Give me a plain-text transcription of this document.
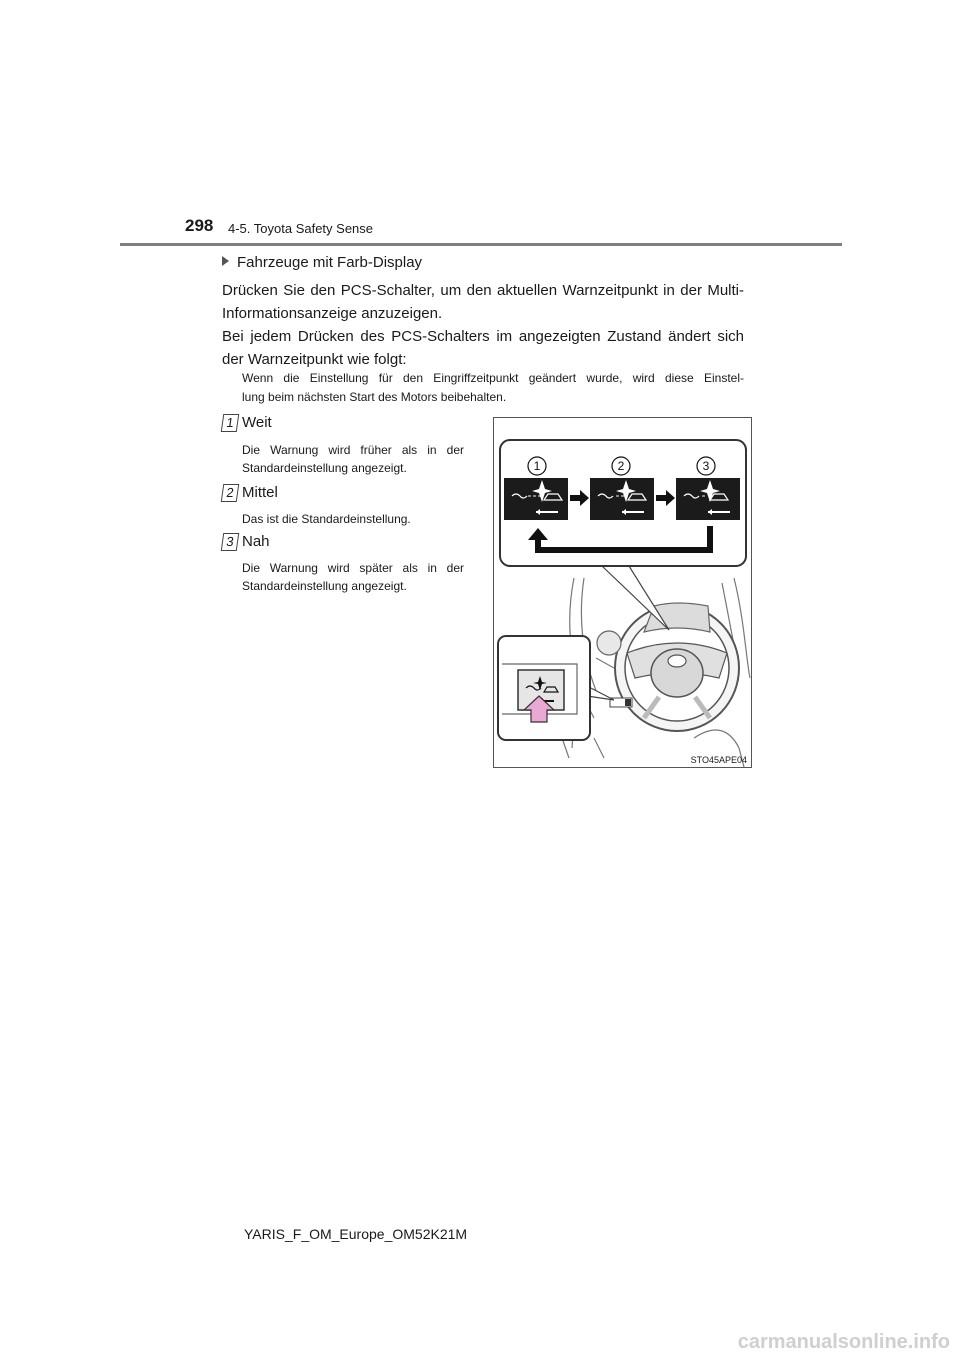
298 4-5. Toyota Safety Sense
Fahrzeuge mit Farb-Display
Drücken Sie den PCS-Schalter, um den aktuellen Warnzeitpunkt in der Multi-
Informationsanzeige anzuzeigen.
Bei jedem Drücken des PCS-Schalters im angezeigten Zustand ändert sich
der Warnzeitpunkt wie folgt:
Wenn die Einstellung für den Eingriffzeitpunkt geändert wurde, wird diese Einstel-
lung beim nächsten Start des Motors beibehalten.
1 Weit
Die Warnung wird früher als in der
Standardeinstellung angezeigt.
2 Mittel
Das ist die Standardeinstellung.
3 Nah
Die Warnung wird später als in der
Standardeinstellung angezeigt.
1	2	3
STO45APE04
YARIS_F_OM_Europe_OM52K21M
carmanualsonline.info
